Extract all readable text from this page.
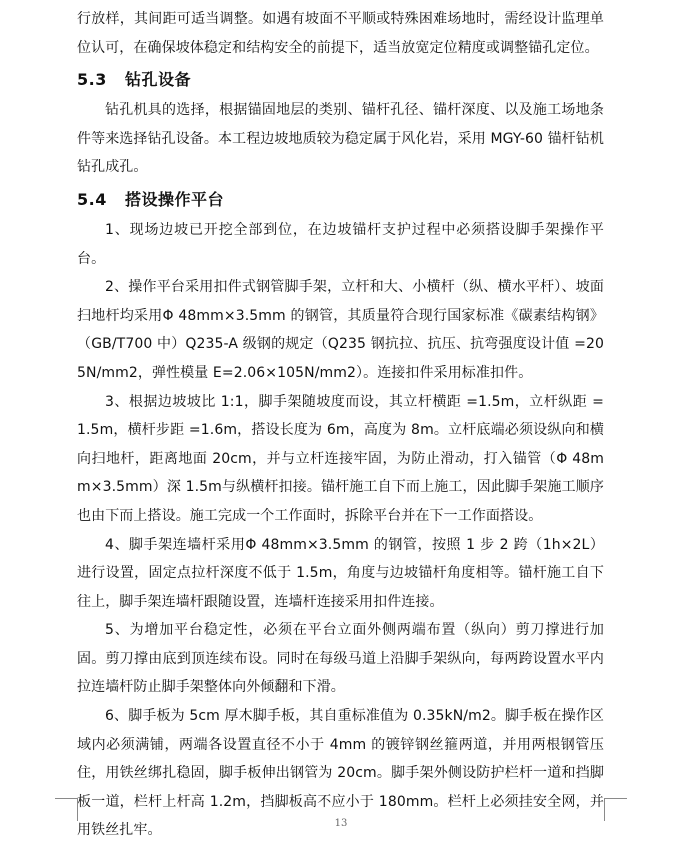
行放样，其间距可适当调整。如遇有坡面不平顺或特殊困难场地时，需经设计监理单位认可，在确保坡体稳定和结构安全的前提下，适当放宽定位精度或调整锚孔定位。

5.3 钻孔设备

钻孔机具的选择，根据锚固地层的类别、锚杆孔径、锚杆深度、以及施工场地条件等来选择钻孔设备。本工程边坡地质较为稳定属于风化岩，采用 MGY-60 锚杆钻机钻孔成孔。

5.4 搭设操作平台

1、现场边坡已开挖全部到位，在边坡锚杆支护过程中必须搭设脚手架操作平台。

2、操作平台采用扣件式钢管脚手架，立杆和大、小横杆（纵、横水平杆）、坡面扫地杆均采用Φ 48mm×3.5mm 的钢管，其质量符合现行国家标准《碳素结构钢》（GB/T700 中）Q235-A 级钢的规定（Q235 钢抗拉、抗压、抗弯强度设计值 =205N/mm2，弹性模量 E=2.06×105N/mm2）。连接扣件采用标准扣件。

3、根据边坡坡比 1:1，脚手架随坡度而设，其立杆横距 =1.5m，立杆纵距 =1.5m，横杆步距 =1.6m，搭设长度为 6m，高度为 8m。立杆底端必须设纵向和横向扫地杆，距离地面 20cm，并与立杆连接牢固，为防止滑动，打入锚管（Φ 48mm×3.5mm）深 1.5m与纵横杆扣接。锚杆施工自下而上施工，因此脚手架施工顺序也由下而上搭设。施工完成一个工作面时，拆除平台并在下一工作面搭设。

4、脚手架连墙杆采用Φ 48mm×3.5mm 的钢管，按照 1 步 2 跨（1h×2L）进行设置，固定点拉杆深度不低于 1.5m，角度与边坡锚杆角度相等。锚杆施工自下往上，脚手架连墙杆跟随设置，连墙杆连接采用扣件连接。

5、为增加平台稳定性，必须在平台立面外侧两端布置（纵向）剪刀撑进行加固。剪刀撑由底到顶连续布设。同时在每级马道上沿脚手架纵向，每两跨设置水平内拉连墙杆防止脚手架整体向外倾翻和下滑。

6、脚手板为 5cm 厚木脚手板，其自重标准值为 0.35kN/m2。脚手板在操作区域内必须满铺，两端各设置直径不小于 4mm 的镀锌钢丝箍两道，并用两根钢管压住，用铁丝绑扎稳固，脚手板伸出钢管为 20cm。脚手架外侧设防护栏杆一道和挡脚板一道，栏杆上杆高 1.2m，挡脚板高不应小于 180mm。栏杆上必须挂安全网，并用铁丝扎牢。	13
